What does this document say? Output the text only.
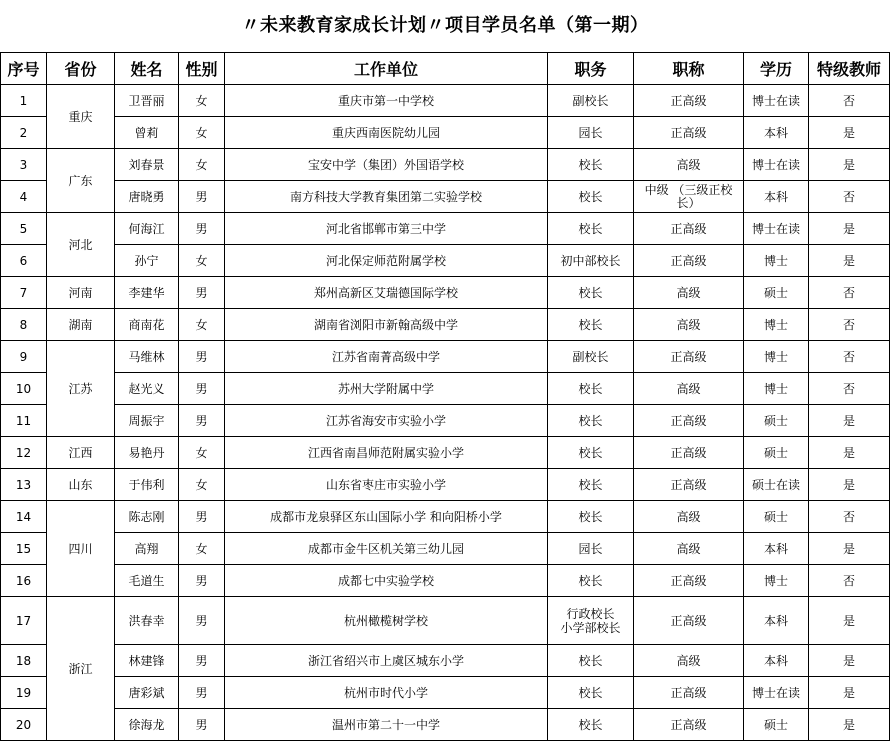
〃未来教育家成长计划〃项目学员名单（第一期）
序号	省份	姓名	性别	工作单位	职务	职称	学历	特级教师
1	重庆	卫晋丽	女	重庆市第一中学校	副校长	正高级	博士在读	否
2		曾莉	女	重庆西南医院幼儿园	园长	正高级	本科	是
3	广东	刘春景	女	宝安中学（集团）外国语学校	校长	高级	博士在读	是
4		唐晓勇	男	南方科技大学教育集团第二实验学校	校长	中级 （三级正校长）	本科	否
5	河北	何海江	男	河北省邯郸市第三中学	校长	正高级	博士在读	是
6		孙宁	女	河北保定师范附属学校	初中部校长	正高级	博士	是
7	河南	李建华	男	郑州高新区艾瑞德国际学校	校长	高级	硕士	否
8	湖南	商南花	女	湖南省浏阳市新翰高级中学	校长	高级	博士	否
9	江苏	马维林	男	江苏省南菁高级中学	副校长	正高级	博士	否
10		赵光义	男	苏州大学附属中学	校长	高级	博士	否
11		周振宇	男	江苏省海安市实验小学	校长	正高级	硕士	是
12	江西	易艳丹	女	江西省南昌师范附属实验小学	校长	正高级	硕士	是
13	山东	于伟利	女	山东省枣庄市实验小学	校长	正高级	硕士在读	是
14	四川	陈志刚	男	成都市龙泉驿区东山国际小学 和向阳桥小学	校长	高级	硕士	否
15		高翔	女	成都市金牛区机关第三幼儿园	园长	高级	本科	是
16		毛道生	男	成都七中实验学校	校长	正高级	博士	否
17	浙江	洪春幸	男	杭州橄榄树学校	行政校长 小学部校长	正高级	本科	是
18		林建锋	男	浙江省绍兴市上虞区城东小学	校长	高级	本科	是
19		唐彩斌	男	杭州市时代小学	校长	正高级	博士在读	是
20		徐海龙	男	温州市第二十一中学	校长	正高级	硕士	是
